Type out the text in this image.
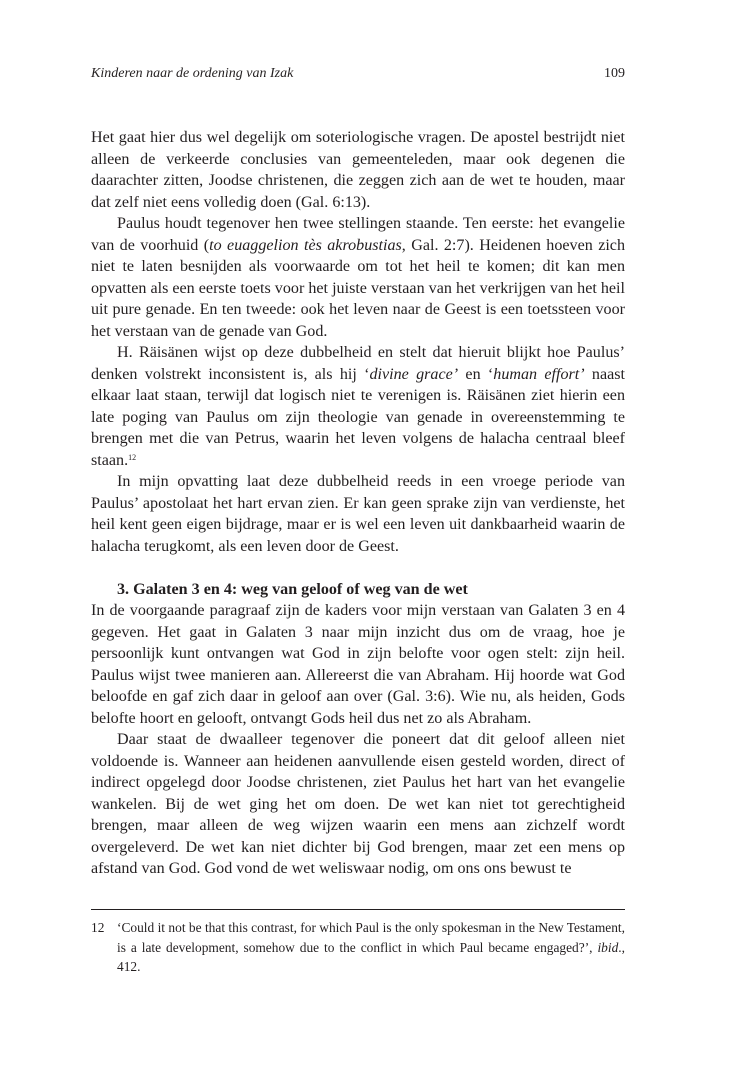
Kinderen naar de ordening van Izak	109

Het gaat hier dus wel degelijk om soteriologische vragen. De apostel bestrijdt niet alleen de verkeerde conclusies van gemeenteleden, maar ook degenen die daarachter zitten, Joodse christenen, die zeggen zich aan de wet te houden, maar dat zelf niet eens volledig doen (Gal. 6:13).

Paulus houdt tegenover hen twee stellingen staande. Ten eerste: het evangelie van de voorhuid (to euaggelion tès akrobustias, Gal. 2:7). Heidenen hoeven zich niet te laten besnijden als voorwaarde om tot het heil te komen; dit kan men opvatten als een eerste toets voor het juiste verstaan van het verkrijgen van het heil uit pure genade. En ten tweede: ook het leven naar de Geest is een toetssteen voor het verstaan van de genade van God.

H. Räisänen wijst op deze dubbelheid en stelt dat hieruit blijkt hoe Paulus’ denken volstrekt inconsistent is, als hij ‘divine grace’ en ‘human effort’ naast elkaar laat staan, terwijl dat logisch niet te verenigen is. Räisänen ziet hierin een late poging van Paulus om zijn theologie van genade in overeenstemming te brengen met die van Petrus, waarin het leven volgens de halacha centraal bleef staan.$^{12}$

In mijn opvatting laat deze dubbelheid reeds in een vroege periode van Paulus’ apostolaat het hart ervan zien. Er kan geen sprake zijn van verdienste, het heil kent geen eigen bijdrage, maar er is wel een leven uit dankbaarheid waarin de halacha terugkomt, als een leven door de Geest.

3. Galaten 3 en 4: weg van geloof of weg van de wet

In de voorgaande paragraaf zijn de kaders voor mijn verstaan van Galaten 3 en 4 gegeven. Het gaat in Galaten 3 naar mijn inzicht dus om de vraag, hoe je persoonlijk kunt ontvangen wat God in zijn belofte voor ogen stelt: zijn heil. Paulus wijst twee manieren aan. Allereerst die van Abraham. Hij hoorde wat God beloofde en gaf zich daar in geloof aan over (Gal. 3:6). Wie nu, als heiden, Gods belofte hoort en gelooft, ontvangt Gods heil dus net zo als Abraham.

Daar staat de dwaalleer tegenover die poneert dat dit geloof alleen niet voldoende is. Wanneer aan heidenen aanvullende eisen gesteld worden, direct of indirect opgelegd door Joodse christenen, ziet Paulus het hart van het evangelie wankelen. Bij de wet ging het om doen. De wet kan niet tot gerechtigheid brengen, maar alleen de weg wijzen waarin een mens aan zichzelf wordt overgeleverd. De wet kan niet dichter bij God brengen, maar zet een mens op afstand van God. God vond de wet weliswaar nodig, om ons ons bewust te

12 ‘Could it not be that this contrast, for which Paul is the only spokesman in the New Testament, is a late development, somehow due to the conflict in which Paul became engaged?’, ibid., 412.
